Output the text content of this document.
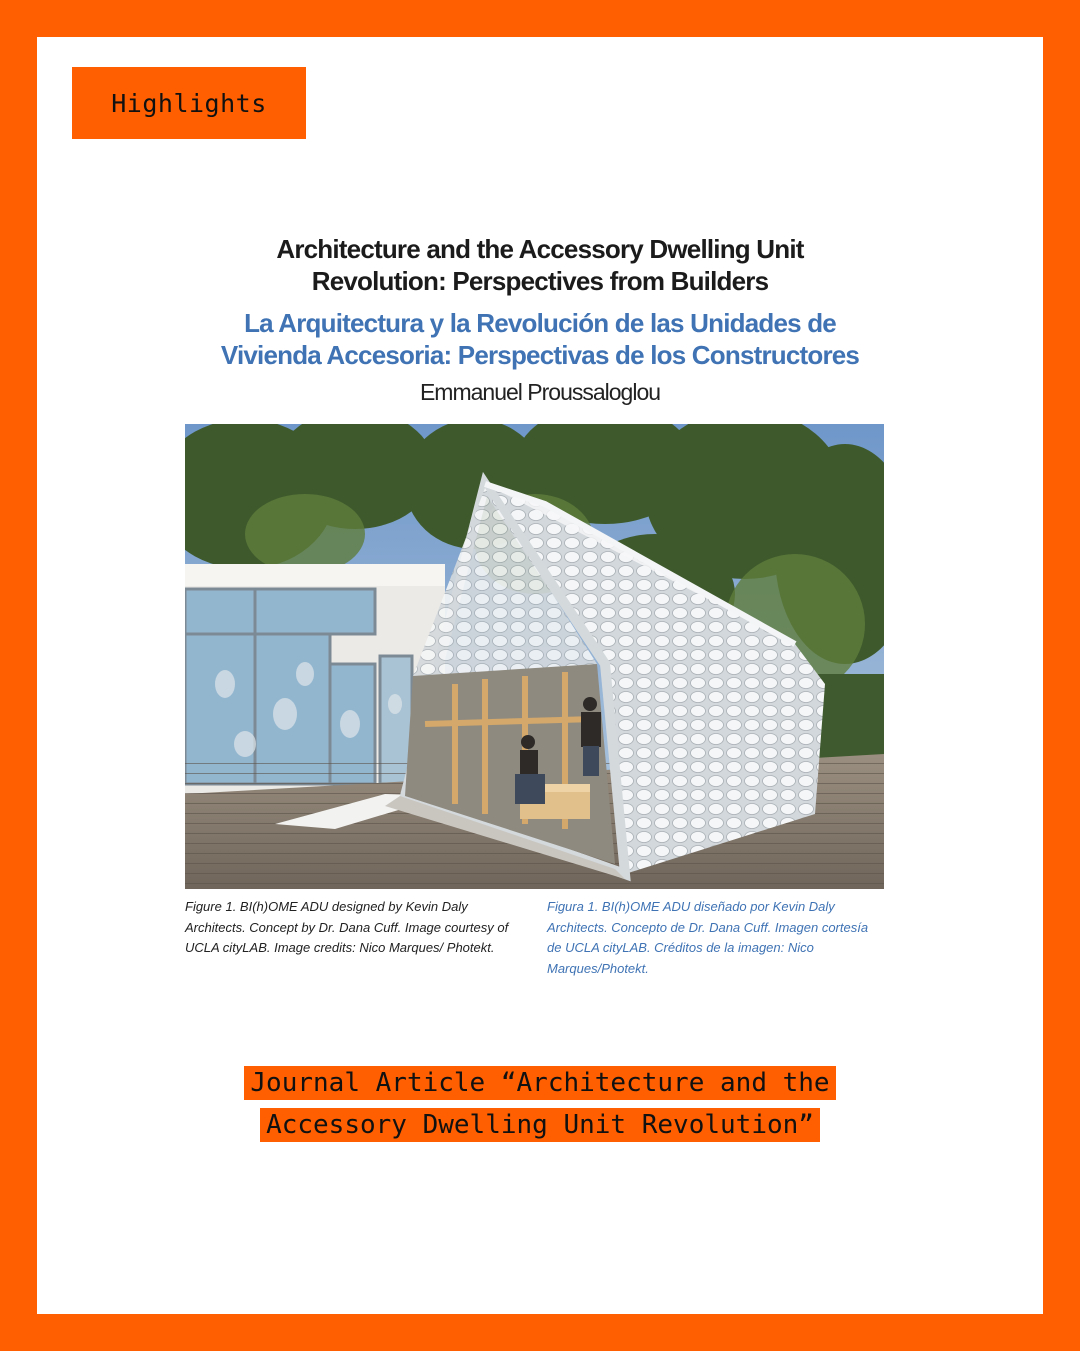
Highlights
Architecture and the Accessory Dwelling Unit
Revolution: Perspectives from Builders
La Arquitectura y la Revolución de las Unidades de
Vivienda Accesoria: Perspectivas de los Constructores
Emmanuel Proussaloglou
Figure 1. BI(h)OME ADU designed by Kevin Daly Architects. Concept by Dr. Dana Cuff. Image courtesy of UCLA cityLAB. Image credits: Nico Marques/ Photekt.
Figura 1. BI(h)OME ADU diseñado por Kevin Daly Architects. Concepto de Dr. Dana Cuff. Imagen cortesía de UCLA cityLAB. Créditos de la imagen: Nico Marques/Photekt.
Journal Article “Architecture and the
Accessory Dwelling Unit Revolution”
